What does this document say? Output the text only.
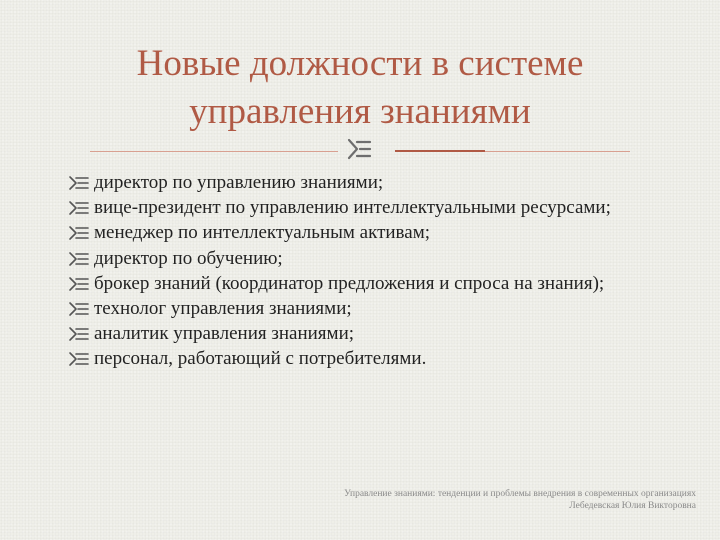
Новые должности в системе
управления знаниями
директор по управлению знаниями;
вице-президент по управлению интеллектуальными ресурсами;
менеджер по интеллектуальным активам;
директор по обучению;
брокер знаний (координатор предложения и спроса на знания);
технолог управления знаниями;
аналитик управления знаниями;
персонал, работающий с потребителями.
Управление знаниями: тенденции и проблемы внедрения в современных организациях
Лебедевская Юлия Викторовна
